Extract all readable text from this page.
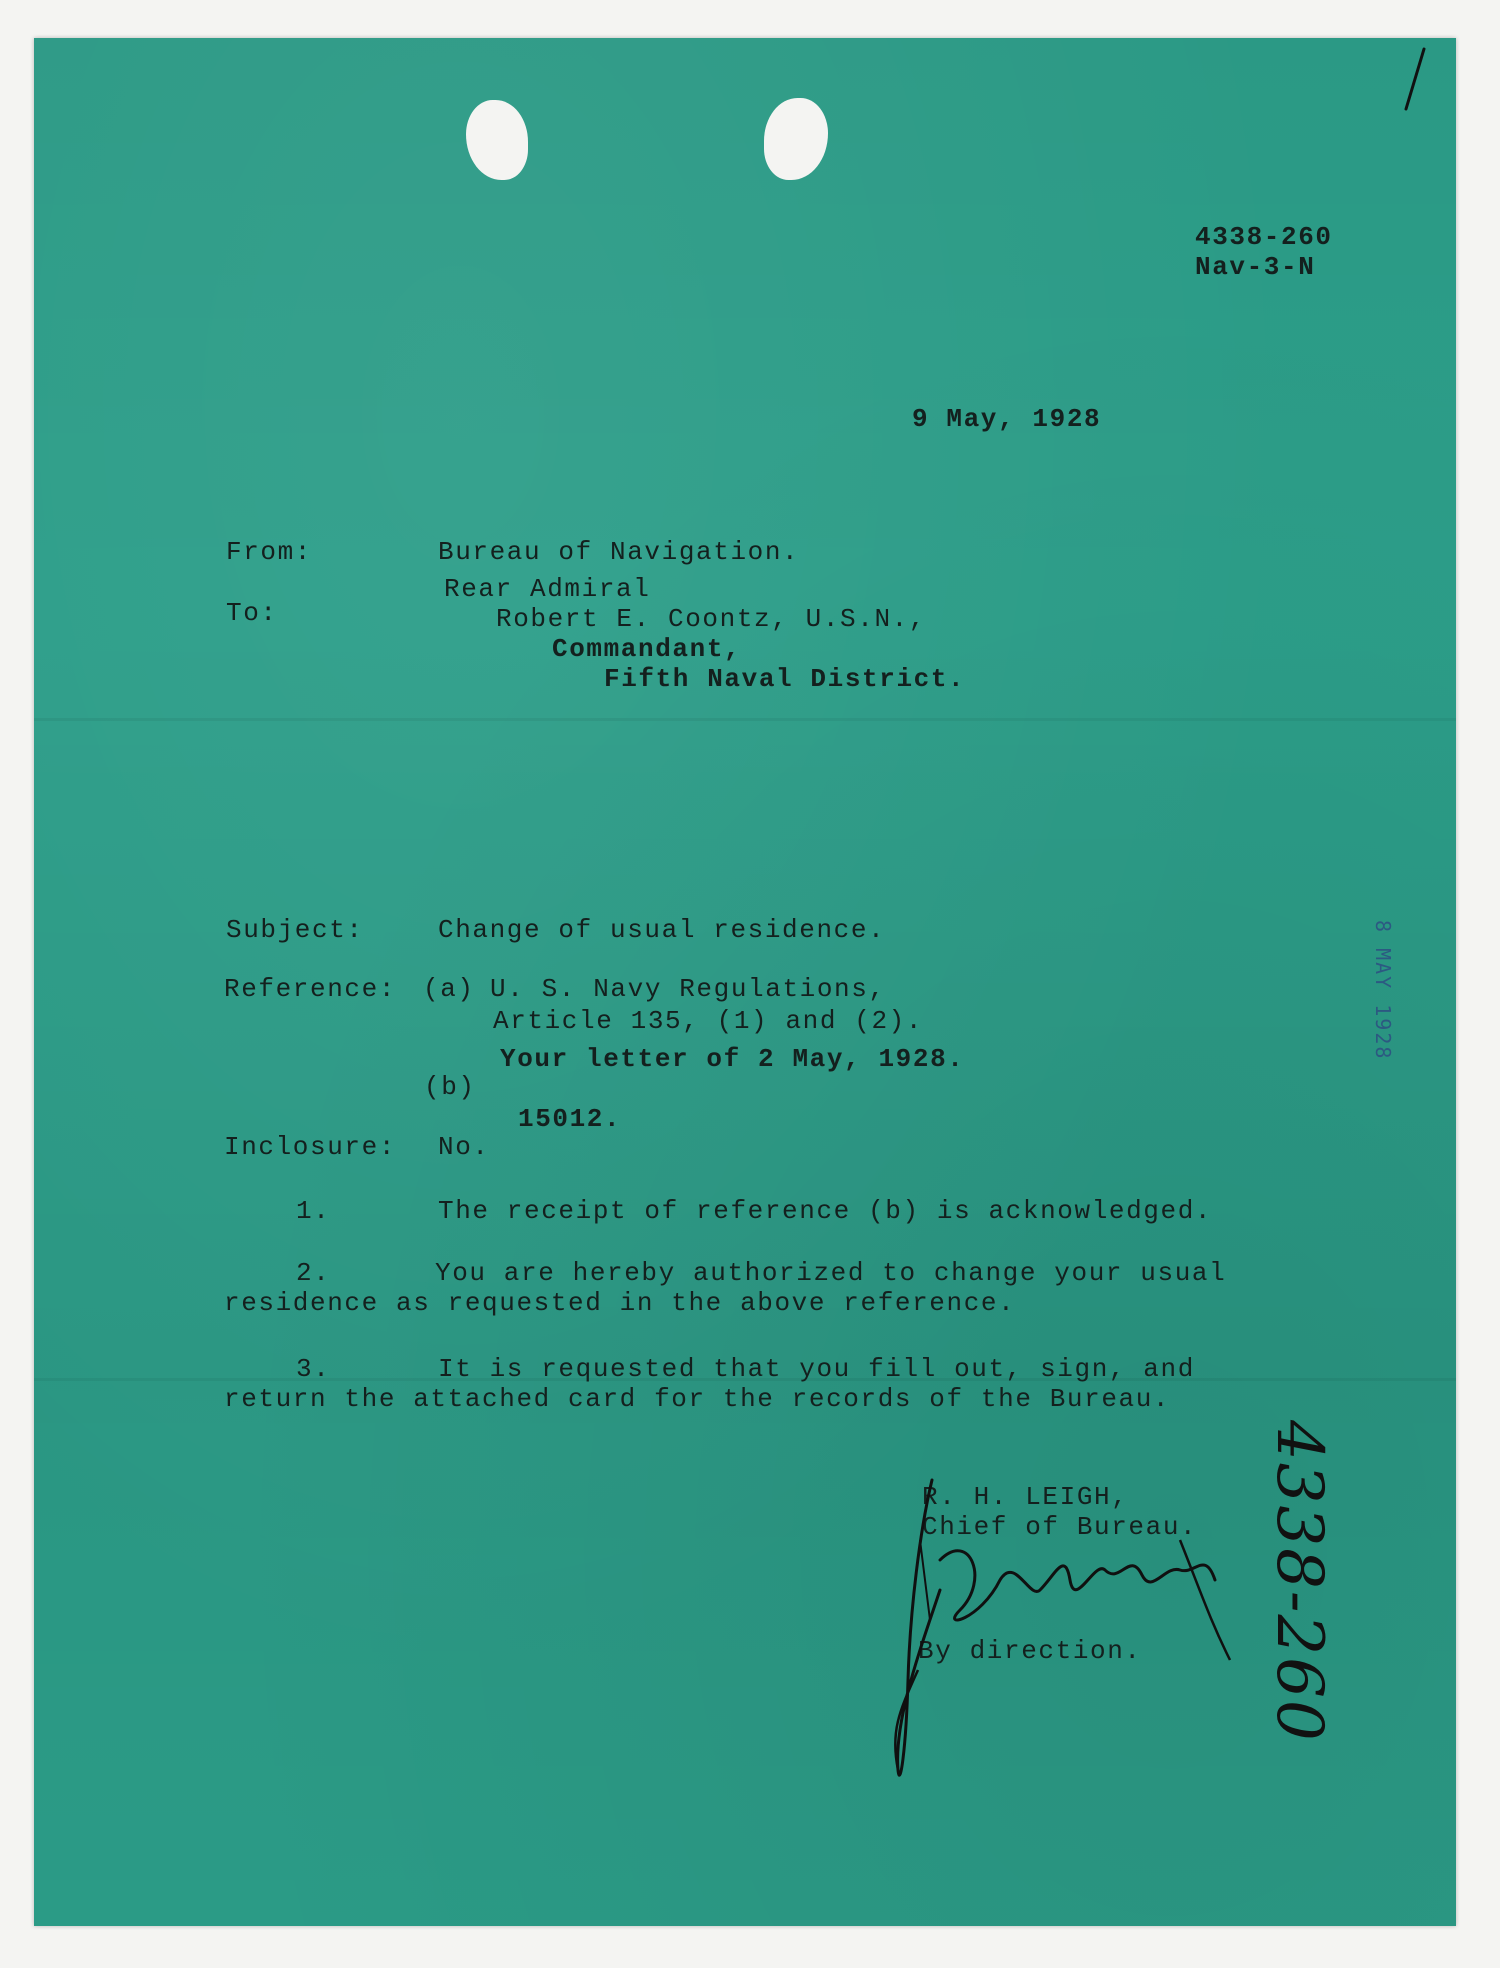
4338-260
Nav-3-N
9 May, 1928
From:	Bureau of Navigation.
To:
Rear Admiral
Robert E. Coontz, U.S.N.,
Commandant,
Fifth Naval District.
Subject:	Change of usual residence.
Reference: (a) U. S. Navy Regulations,
Article 135, (1) and (2).
Your letter of 2 May, 1928.
(b)
15012.
Inclosure: No.
1.	The receipt of reference (b) is acknowledged.
2.	You are hereby authorized to change your usual
residence as requested in the above reference.
3.	It is requested that you fill out, sign, and
return the attached card for the records of the Bureau.
R. H. LEIGH,
Chief of Bureau.
By direction.
8 MAY 1928
4338-260
